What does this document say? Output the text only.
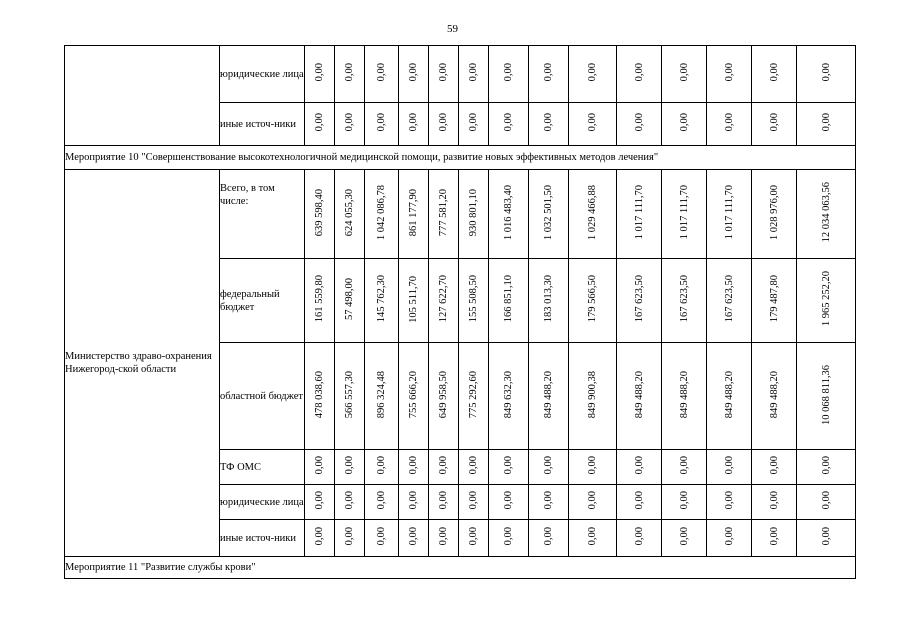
59
	юридические лица	0,00	0,00	0,00	0,00	0,00	0,00	0,00	0,00	0,00	0,00	0,00	0,00	0,00	0,00
	иные источ-ники	0,00	0,00	0,00	0,00	0,00	0,00	0,00	0,00	0,00	0,00	0,00	0,00	0,00	0,00
Мероприятие 10 "Совершенствование высокотехнологичной медицинской помощи, развитие новых эффективных методов лечения"															
Министерство здраво-охранения Нижегород-ской области	Всего, в том числе:	639 598,40	624 055,30	1 042 086,78	861 177,90	777 581,20	930 801,10	1 016 483,40	1 032 501,50	1 029 466,88	1 017 111,70	1 017 111,70	1 017 111,70	1 028 976,00	12 034 063,56
	федеральный бюджет	161 559,80	57 498,00	145 762,30	105 511,70	127 622,70	155 508,50	166 851,10	183 013,30	179 566,50	167 623,50	167 623,50	167 623,50	179 487,80	1 965 252,20
	областной бюджет	478 038,60	566 557,30	896 324,48	755 666,20	649 958,50	775 292,60	849 632,30	849 488,20	849 900,38	849 488,20	849 488,20	849 488,20	849 488,20	10 068 811,36
	ТФ ОМС	0,00	0,00	0,00	0,00	0,00	0,00	0,00	0,00	0,00	0,00	0,00	0,00	0,00	0,00
	юридические лица	0,00	0,00	0,00	0,00	0,00	0,00	0,00	0,00	0,00	0,00	0,00	0,00	0,00	0,00
	иные источ-ники	0,00	0,00	0,00	0,00	0,00	0,00	0,00	0,00	0,00	0,00	0,00	0,00	0,00	0,00
Мероприятие 11 "Развитие службы крови"															
